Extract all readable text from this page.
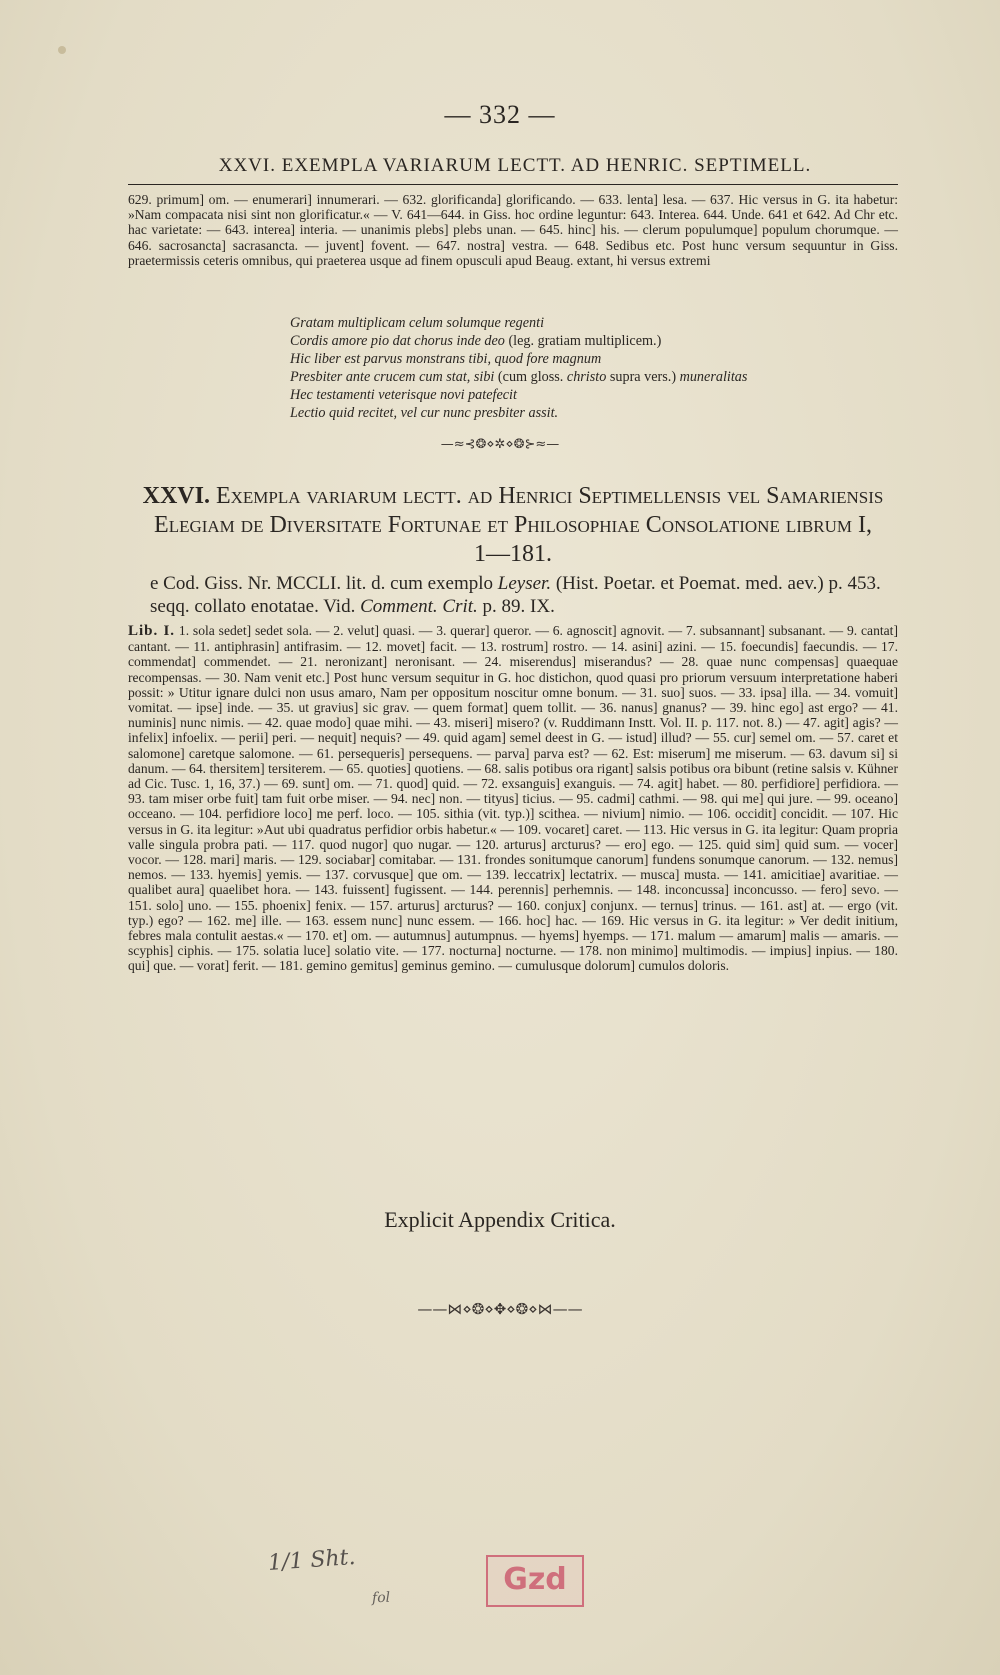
— 332 —
XXVI. EXEMPLA VARIARUM LECTT. AD HENRIC. SEPTIMELL.
629. primum] om. — enumerari] innumerari. — 632. glorificanda] glorificando. — 633. lenta] lesa. — 637. Hic versus in G. ita habetur: »Nam compacata nisi sint non glorificatur.« — V. 641—644. in Giss. hoc ordine leguntur: 643. Interea. 644. Unde. 641 et 642. Ad Chr etc. hac varietate: — 643. interea] interia. — unanimis plebs] plebs unan. — 645. hinc] his. — clerum populumque] populum chorumque. — 646. sacrosancta] sacrasancta. — juvent] fovent. — 647. nostra] vestra. — 648. Sedibus etc. Post hunc versum sequuntur in Giss. praetermissis ceteris omnibus, qui praeterea usque ad finem opusculi apud Beaug. extant, hi versus extremi
Gratam multiplicam celum solumque regenti
Cordis amore pio dat chorus inde deo (leg. gratiam multiplicem.)
Hic liber est parvus monstrans tibi, quod fore magnum
Presbiter ante crucem cum stat, sibi (cum gloss. christo supra vers.) muneralitas
Hec testamenti veterisque novi patefecit
Lectio quid recitet, vel cur nunc presbiter assit.
—≈⊰❂⋄✲⋄❂⊱≈—
XXVI. Exempla variarum lectt. ad Henrici Septimellensis vel Samariensis
Elegiam de Diversitate Fortunae et Philosophiae Consolatione librum I,
1—181.
e Cod. Giss. Nr. MCCLI. lit. d. cum exemplo Leyser. (Hist. Poetar. et Poemat. med. aev.) p. 453. seqq. collato enotatae. Vid. Comment. Crit. p. 89. IX.
Lib. I. 1. sola sedet] sedet sola. — 2. velut] quasi. — 3. querar] queror. — 6. agnoscit] agnovit. — 7. subsannant] subsanant. — 9. cantat] cantant. — 11. antiphrasin] antifrasim. — 12. movet] facit. — 13. rostrum] rostro. — 14. asini] azini. — 15. foecundis] faecundis. — 17. commendat] commendet. — 21. neronizant] neronisant. — 24. miserendus] miserandus? — 28. quae nunc compensas] quaequae recompensas. — 30. Nam venit etc.] Post hunc versum sequitur in G. hoc distichon, quod quasi pro priorum versuum interpretatione haberi possit: » Utitur ignare dulci non usus amaro, Nam per oppositum noscitur omne bonum. — 31. suo] suos. — 33. ipsa] illa. — 34. vomuit] vomitat. — ipse] inde. — 35. ut gravius] sic grav. — quem format] quem tollit. — 36. nanus] gnanus? — 39. hinc ego] ast ergo? — 41. numinis] nunc nimis. — 42. quae modo] quae mihi. — 43. miseri] misero? (v. Ruddimann Instt. Vol. II. p. 117. not. 8.) — 47. agit] agis? — infelix] infoelix. — perii] peri. — nequit] nequis? — 49. quid agam] semel deest in G. — istud] illud? — 55. cur] semel om. — 57. caret et salomone] caretque salomone. — 61. persequeris] persequens. — parva] parva est? — 62. Est: miserum] me miserum. — 63. davum si] si danum. — 64. thersitem] tersiterem. — 65. quoties] quotiens. — 68. salis potibus ora rigant] salsis potibus ora bibunt (retine salsis v. Kühner ad Cic. Tusc. 1, 16, 37.) — 69. sunt] om. — 71. quod] quid. — 72. exsanguis] exanguis. — 74. agit] habet. — 80. perfidiore] perfidiora. — 93. tam miser orbe fuit] tam fuit orbe miser. — 94. nec] non. — tityus] ticius. — 95. cadmi] cathmi. — 98. qui me] qui jure. — 99. oceano] occeano. — 104. perfidiore loco] me perf. loco. — 105. sithia (vit. typ.)] scithea. — nivium] nimio. — 106. occidit] concidit. — 107. Hic versus in G. ita legitur: »Aut ubi quadratus perfidior orbis habetur.« — 109. vocaret] caret. — 113. Hic versus in G. ita legitur: Quam propria valle singula probra pati. — 117. quod nugor] quo nugar. — 120. arturus] arcturus? — ero] ego. — 125. quid sim] quid sum. — vocer] vocor. — 128. mari] maris. — 129. sociabar] comitabar. — 131. frondes sonitumque canorum] fundens sonumque canorum. — 132. nemus] nemos. — 133. hyemis] yemis. — 137. corvusque] que om. — 139. leccatrix] lectatrix. — musca] musta. — 141. amicitiae] avaritiae. — qualibet aura] quaelibet hora. — 143. fuissent] fugissent. — 144. perennis] perhemnis. — 148. inconcussa] inconcusso. — fero] sevo. — 151. solo] uno. — 155. phoenix] fenix. — 157. arturus] arcturus? — 160. conjux] conjunx. — ternus] trinus. — 161. ast] at. — ergo (vit. typ.) ego? — 162. me] ille. — 163. essem nunc] nunc essem. — 166. hoc] hac. — 169. Hic versus in G. ita legitur: » Ver dedit initium, febres mala contulit aestas.« — 170. et] om. — autumnus] autumpnus. — hyems] hyemps. — 171. malum — amarum] malis — amaris. — scyphis] ciphis. — 175. solatia luce] solatio vite. — 177. nocturna] nocturne. — 178. non minimo] multimodis. — impius] inpius. — 180. qui] que. — vorat] ferit. — 181. gemino gemitus] geminus gemino. — cumulusque dolorum] cumulos doloris.
Explicit Appendix Critica.
——⋈⋄❂⋄✥⋄❂⋄⋈——
1/1 Sht.
fol
Gzd
